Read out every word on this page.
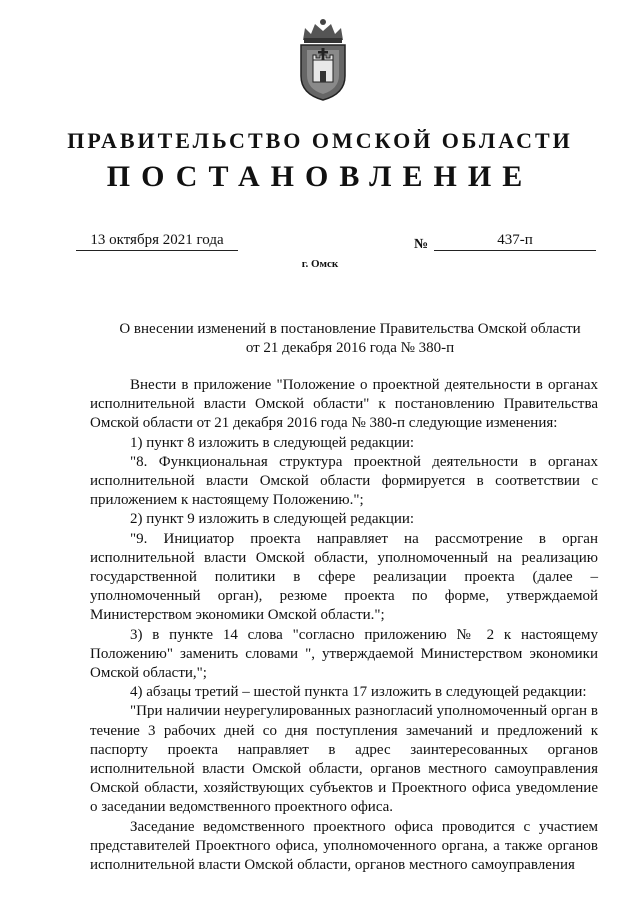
ПРАВИТЕЛЬСТВО ОМСКОЙ ОБЛАСТИ
ПОСТАНОВЛЕНИЕ
13 октября 2021 года	№	437-п
г. Омск
О внесении изменений в постановление Правительства Омской области
от 21 декабря 2016 года № 380-п

Внести в приложение "Положение о проектной деятельности в органах исполнительной власти Омской области" к постановлению Правительства Омской области от 21 декабря 2016 года № 380-п следующие изменения:

1) пункт 8 изложить в следующей редакции:

"8. Функциональная структура проектной деятельности в органах исполнительной власти Омской области формируется в соответствии с приложением к настоящему Положению.";

2) пункт 9 изложить в следующей редакции:

"9. Инициатор проекта направляет на рассмотрение в орган исполнительной власти Омской области, уполномоченный на реализацию государственной политики в сфере реализации проекта (далее – уполномоченный орган), резюме проекта по форме, утверждаемой Министерством экономики Омской области.";

3) в пункте 14 слова "согласно приложению № 2 к настоящему Положению" заменить словами ", утверждаемой Министерством экономики Омской области,";

4) абзацы третий – шестой пункта 17 изложить в следующей редакции:

"При наличии неурегулированных разногласий уполномоченный орган в течение 3 рабочих дней со дня поступления замечаний и предложений к паспорту проекта направляет в адрес заинтересованных органов исполнительной власти Омской области, органов местного самоуправления Омской области, хозяйствующих субъектов и Проектного офиса уведомление о заседании ведомственного проектного офиса.

Заседание ведомственного проектного офиса проводится с участием представителей Проектного офиса, уполномоченного органа, а также органов исполнительной власти Омской области, органов местного самоуправления
